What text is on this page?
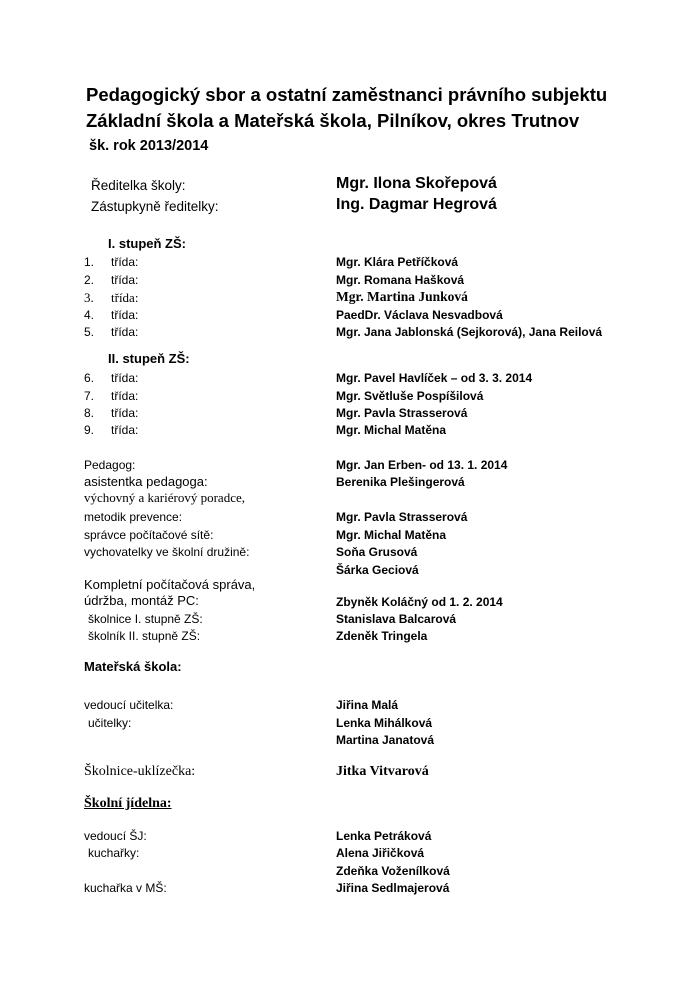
Pedagogický sbor a ostatní zaměstnanci právního subjektu
Základní škola a Mateřská škola, Pilníkov, okres Trutnov
šk. rok 2013/2014
Ředitelka školy:	Mgr. Ilona Skořepová
Zástupkyně ředitelky:	Ing. Dagmar Hegrová
I. stupeň ZŠ:
1. třída:	Mgr. Klára Petříčková
2. třída:	Mgr. Romana Hašková
3. třída:	Mgr. Martina Junková
4. třída:	PaedDr. Václava Nesvadbová
5. třída:	Mgr. Jana Jablonská (Sejkorová), Jana Reilová
II. stupeň ZŠ:
6. třída:	Mgr. Pavel Havlíček – od 3. 3. 2014
7. třída:	Mgr. Světluše Pospíšilová
8. třída:	Mgr. Pavla Strasserová
9. třída:	Mgr. Michal Matěna
Pedagog:	Mgr. Jan Erben- od 13. 1. 2014
asistentka pedagoga:	Berenika Plešingerová
výchovný a kariérový poradce,
metodik prevence:	Mgr. Pavla Strasserová
správce počítačové sítě:	Mgr. Michal Matěna
vychovatelky ve školní družině:	Soňa Grusová
Šárka Geciová
Kompletní počítačová správa,
údržba, montáž PC:	Zbyněk Koláčný od 1. 2. 2014
školnice I. stupně ZŠ:	Stanislava Balcarová
školník II. stupně ZŠ:	Zdeněk Tringela
Mateřská škola:
vedoucí učitelka:	Jiřina Malá
učitelky:	Lenka Mihálková
Martina Janatová
Školnice-uklízečka:	Jitka Vitvarová
Školní jídelna:
vedoucí ŠJ:	Lenka Petráková
kuchařky:	Alena Jiřičková
Zdeňka Voženílková
kuchařka v MŠ:	Jiřina Sedlmajerová
